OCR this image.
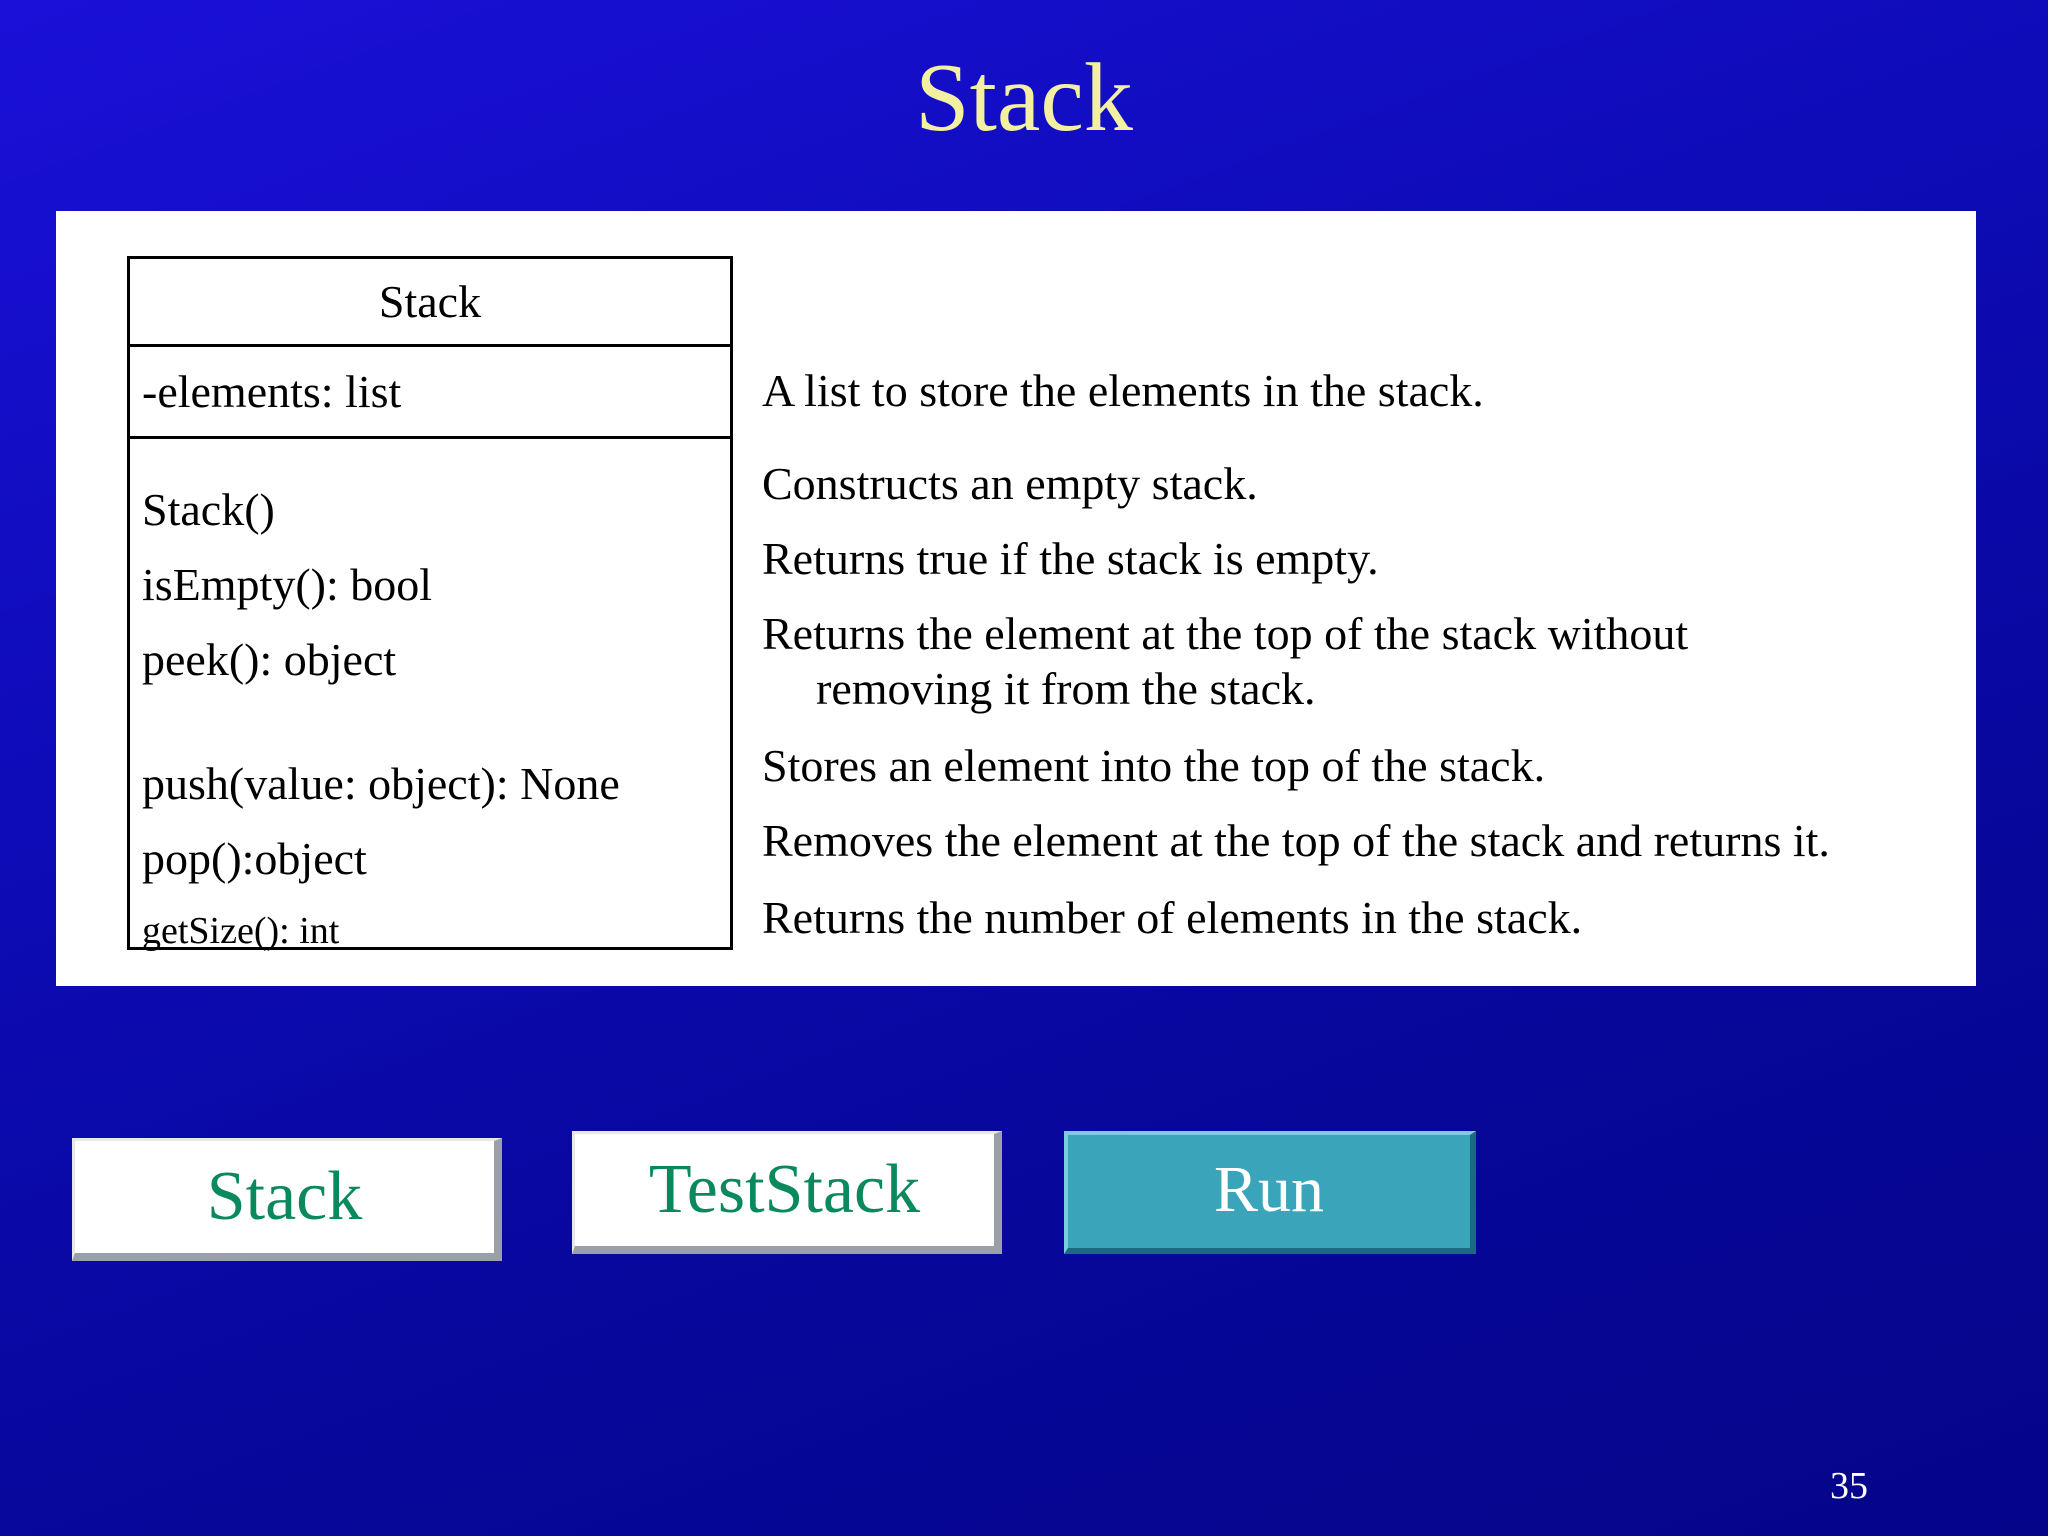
Stack
Stack
-elements: list
Stack()
isEmpty(): bool
peek(): object
push(value: object): None
pop():object
getSize(): int
A list to store the elements in the stack.
Constructs an empty stack.
Returns true if the stack is empty.
Returns the element at the top of the stack without
removing it from the stack.
Stores an element into the top of the stack.
Removes the element at the top of the stack and returns it.
Returns the number of elements in the stack.
Stack	TestStack	Run
35
